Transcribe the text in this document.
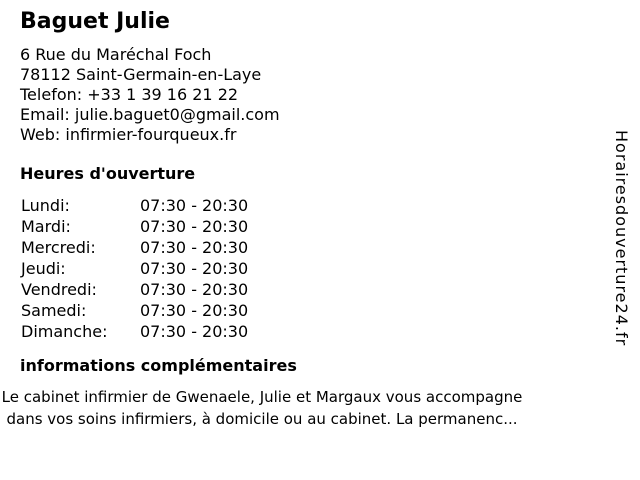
Baguet Julie
6 Rue du Maréchal Foch
78112 Saint-Germain-en-Laye
Telefon: +33 1 39 16 21 22
Email: julie.baguet0@gmail.com
Web: infirmier-fourqueux.fr
Heures d'ouverture
Lundi:	07:30 - 20:30
Mardi:	07:30 - 20:30
Mercredi:	07:30 - 20:30
Jeudi:	07:30 - 20:30
Vendredi:	07:30 - 20:30
Samedi:	07:30 - 20:30
Dimanche:	07:30 - 20:30
informations complémentaires
Le cabinet infirmier de Gwenaele, Julie et Margaux vous accompagne
dans vos soins infirmiers, à domicile ou au cabinet. La permanenc...
Horairesdouverture24.fr
